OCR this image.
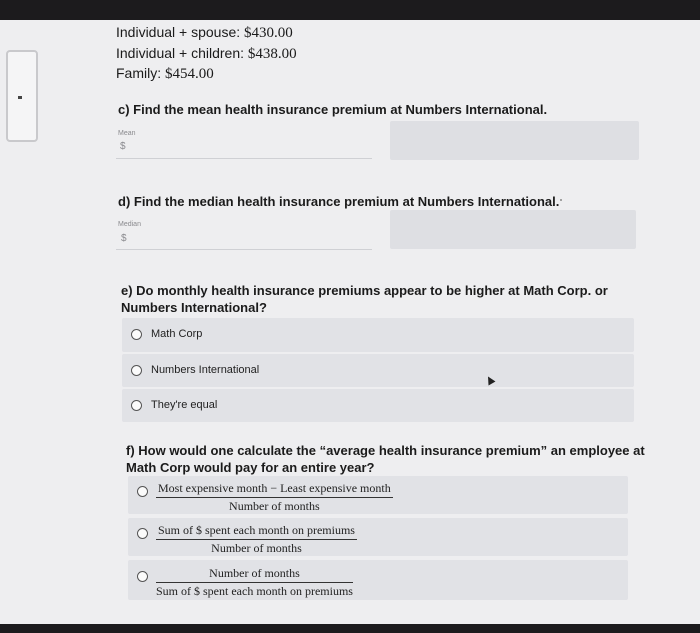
Individual + spouse: $430.00
Individual + children: $438.00
Family: $454.00
c) Find the mean health insurance premium at Numbers International.
Mean
$
d) Find the median health insurance premium at Numbers International.
Median
$
e) Do monthly health insurance premiums appear to be higher at Math Corp. or
Numbers International?
Math Corp
Numbers International
They're equal
f) How would one calculate the “average health insurance premium” an employee at
Math Corp would pay for an entire year?
Most expensive month − Least expensive month
Number of months
Sum of $ spent each month on premiums
Number of months
Number of months
Sum of $ spent each month on premiums
